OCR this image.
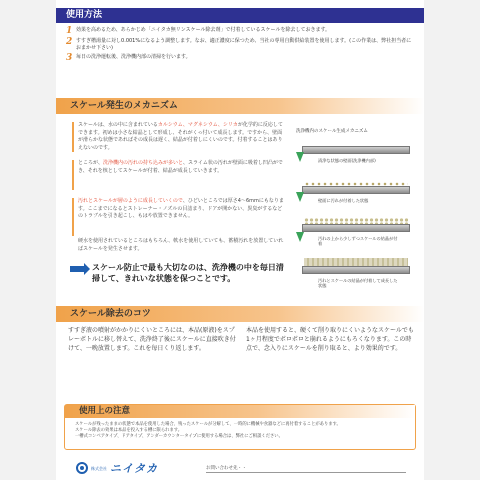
使用方法
1 効果を高めるため、あらかじめ「ニイタカ無リンスケール除去剤」で付着しているスケールを除去しておきます。
2 すすぎ槽湯量に対し0.001%になるよう調整します。なお、適正濃度に保つため、当社の専用自動供給装置を使用します。(この作業は、弊社担当者におまかせ下さい)
3 毎日の洗浄運転後、洗浄機内部の清掃を行います。
スケール発生のメカニズム
スケールは、水の中に含まれているカルシウム、マグネシウム、シリカが化学的に反応してできます。初めは小さな結晶として形成し、それがくっ付いて成長します。ですから、壁面が滑らかな状態であればその成長は遅く、結晶が付着しにくいのです。付着することはありえないのです。
ところが、洗浄機内の汚れの持ち込みが多いと、スライム状の汚れが壁面に吸着し凹凸ができ、それを核としてスケールが付着、結晶が成長していきます。
汚れとスケールが層のように成長していくので、ひどいところでは厚さ4〜6mmにもなります。ここまでになるとストレーナー・ノズルの目詰まり、ドアが開かない、異臭がするなどのトラブルを引き起こし、もはや放置できません。
硬水を使用されているところはもちろん、軟水を使用していても、蓄積汚れを放置していればスケールを発生させます。
スケール防止で最も大切なのは、洗浄機の中を毎日清掃して、きれいな状態を保つことです。
洗浄機内のスケール生成メカニズム
清浄な状態の壁面(洗浄機内部)
壁面に汚れが付着した状態
汚れの上から少しずつスケールの結晶が付着
汚れとスケールの結晶が付着して成長した状態
スケール除去のコツ
すすぎ液の噴射がかかりにくいところには、本品(原液)をスプレーボトルに移し替えて、洗浄終了後にスケールに直接吹き付けて、一晩放置します。これを毎日くり返します。
本品を使用すると、硬くて削り取りにくいようなスケールでも1ヶ月程度でボロボロと崩れるようにもろくなります。この時点で、念入りにスケールを削り取ると、より効果的です。
使用上の注意
スケールが残ったままの状態で本品を使用した場合、残ったスケールが分解して、一時的に機械や食器などに再付着することがあります。
スケール除去の効果は本品を投入する槽に限られます。
一槽式コンベアタイプ、ドアタイプ、アンダーカウンタータイプに使用する場合は、弊社にご相談ください。
株式会社 ニイタカ	お問い合わせ先・・
